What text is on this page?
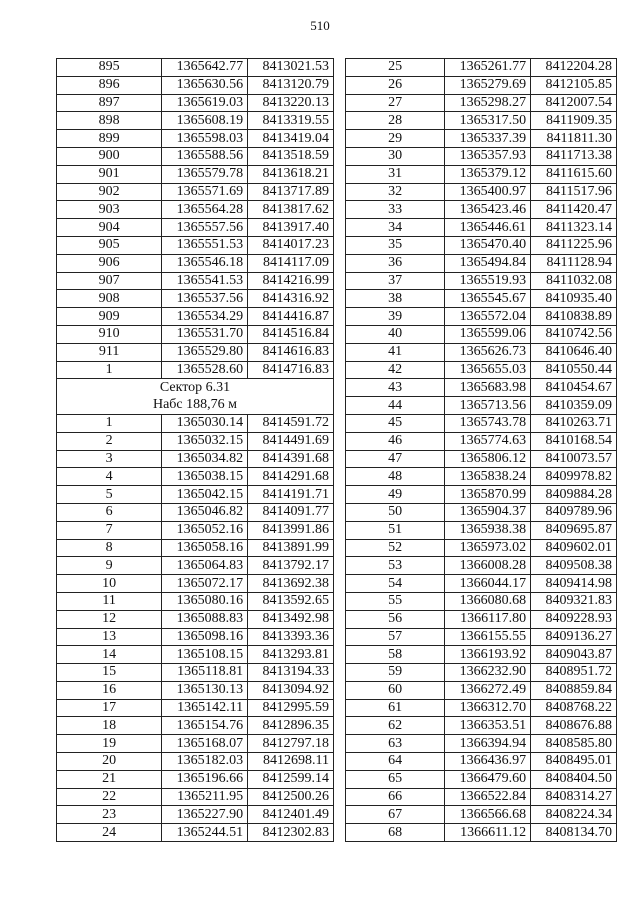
510
895	1365642.77	8413021.53
896	1365630.56	8413120.79
897	1365619.03	8413220.13
898	1365608.19	8413319.55
899	1365598.03	8413419.04
900	1365588.56	8413518.59
901	1365579.78	8413618.21
902	1365571.69	8413717.89
903	1365564.28	8413817.62
904	1365557.56	8413917.40
905	1365551.53	8414017.23
906	1365546.18	8414117.09
907	1365541.53	8414216.99
908	1365537.56	8414316.92
909	1365534.29	8414416.87
910	1365531.70	8414516.84
911	1365529.80	8414616.83
1	1365528.60	8414716.83
Сектор 6.31		
Набс 188,76 м		
1	1365030.14	8414591.72
2	1365032.15	8414491.69
3	1365034.82	8414391.68
4	1365038.15	8414291.68
5	1365042.15	8414191.71
6	1365046.82	8414091.77
7	1365052.16	8413991.86
8	1365058.16	8413891.99
9	1365064.83	8413792.17
10	1365072.17	8413692.38
11	1365080.16	8413592.65
12	1365088.83	8413492.98
13	1365098.16	8413393.36
14	1365108.15	8413293.81
15	1365118.81	8413194.33
16	1365130.13	8413094.92
17	1365142.11	8412995.59
18	1365154.76	8412896.35
19	1365168.07	8412797.18
20	1365182.03	8412698.11
21	1365196.66	8412599.14
22	1365211.95	8412500.26
23	1365227.90	8412401.49
24	1365244.51	8412302.83
25	1365261.77	8412204.28
26	1365279.69	8412105.85
27	1365298.27	8412007.54
28	1365317.50	8411909.35
29	1365337.39	8411811.30
30	1365357.93	8411713.38
31	1365379.12	8411615.60
32	1365400.97	8411517.96
33	1365423.46	8411420.47
34	1365446.61	8411323.14
35	1365470.40	8411225.96
36	1365494.84	8411128.94
37	1365519.93	8411032.08
38	1365545.67	8410935.40
39	1365572.04	8410838.89
40	1365599.06	8410742.56
41	1365626.73	8410646.40
42	1365655.03	8410550.44
43	1365683.98	8410454.67
44	1365713.56	8410359.09
45	1365743.78	8410263.71
46	1365774.63	8410168.54
47	1365806.12	8410073.57
48	1365838.24	8409978.82
49	1365870.99	8409884.28
50	1365904.37	8409789.96
51	1365938.38	8409695.87
52	1365973.02	8409602.01
53	1366008.28	8409508.38
54	1366044.17	8409414.98
55	1366080.68	8409321.83
56	1366117.80	8409228.93
57	1366155.55	8409136.27
58	1366193.92	8409043.87
59	1366232.90	8408951.72
60	1366272.49	8408859.84
61	1366312.70	8408768.22
62	1366353.51	8408676.88
63	1366394.94	8408585.80
64	1366436.97	8408495.01
65	1366479.60	8408404.50
66	1366522.84	8408314.27
67	1366566.68	8408224.34
68	1366611.12	8408134.70
